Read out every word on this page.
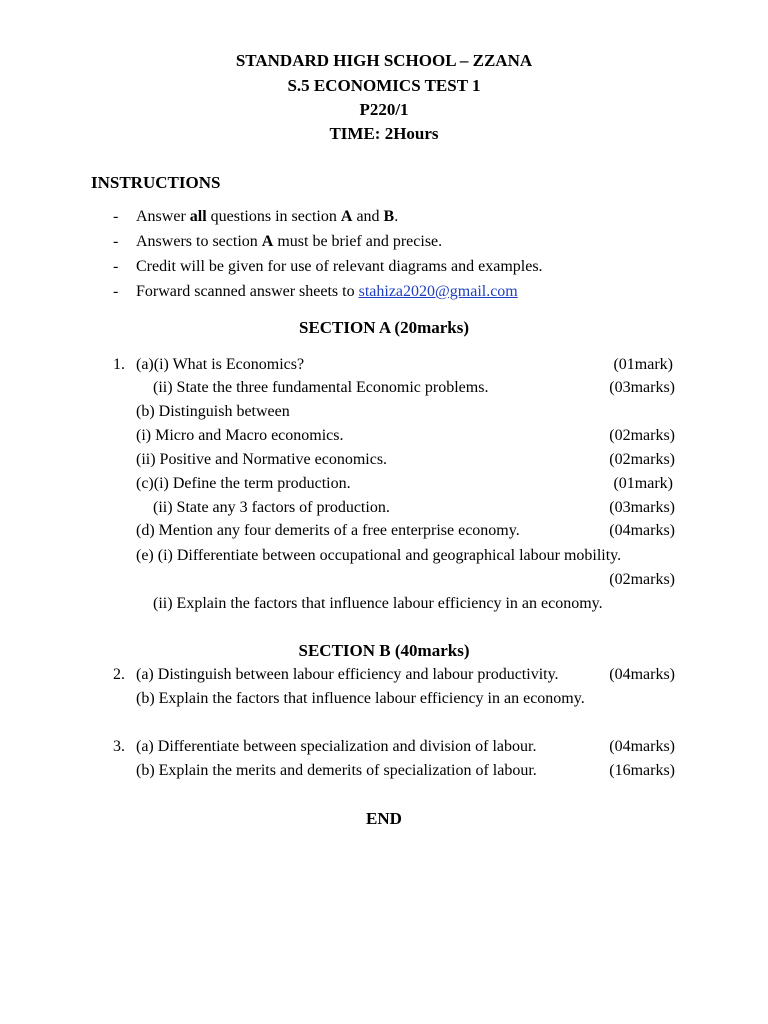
STANDARD HIGH SCHOOL – ZZANA
S.5 ECONOMICS TEST 1
P220/1
TIME: 2Hours
INSTRUCTIONS
- Answer all questions in section A and B.
- Answers to section A must be brief and precise.
- Credit will be given for use of relevant diagrams and examples.
- Forward scanned answer sheets to stahiza2020@gmail.com
SECTION A (20marks)
1. (a)(i) What is Economics?	(01mark)
(ii) State the three fundamental Economic problems.	(03marks)
(b) Distinguish between
(i) Micro and Macro economics.	(02marks)
(ii) Positive and Normative economics.	(02marks)
(c)(i) Define the term production.	(01mark)
(ii) State any 3 factors of production.	(03marks)
(d) Mention any four demerits of a free enterprise economy.	(04marks)
(e) (i) Differentiate between occupational and geographical labour mobility.
(02marks)
(ii) Explain the factors that influence labour efficiency in an economy.
SECTION B (40marks)
2. (a) Distinguish between labour efficiency and labour productivity.	(04marks)
(b) Explain the factors that influence labour efficiency in an economy.
3. (a) Differentiate between specialization and division of labour.	(04marks)
(b) Explain the merits and demerits of specialization of labour.	(16marks)
END
